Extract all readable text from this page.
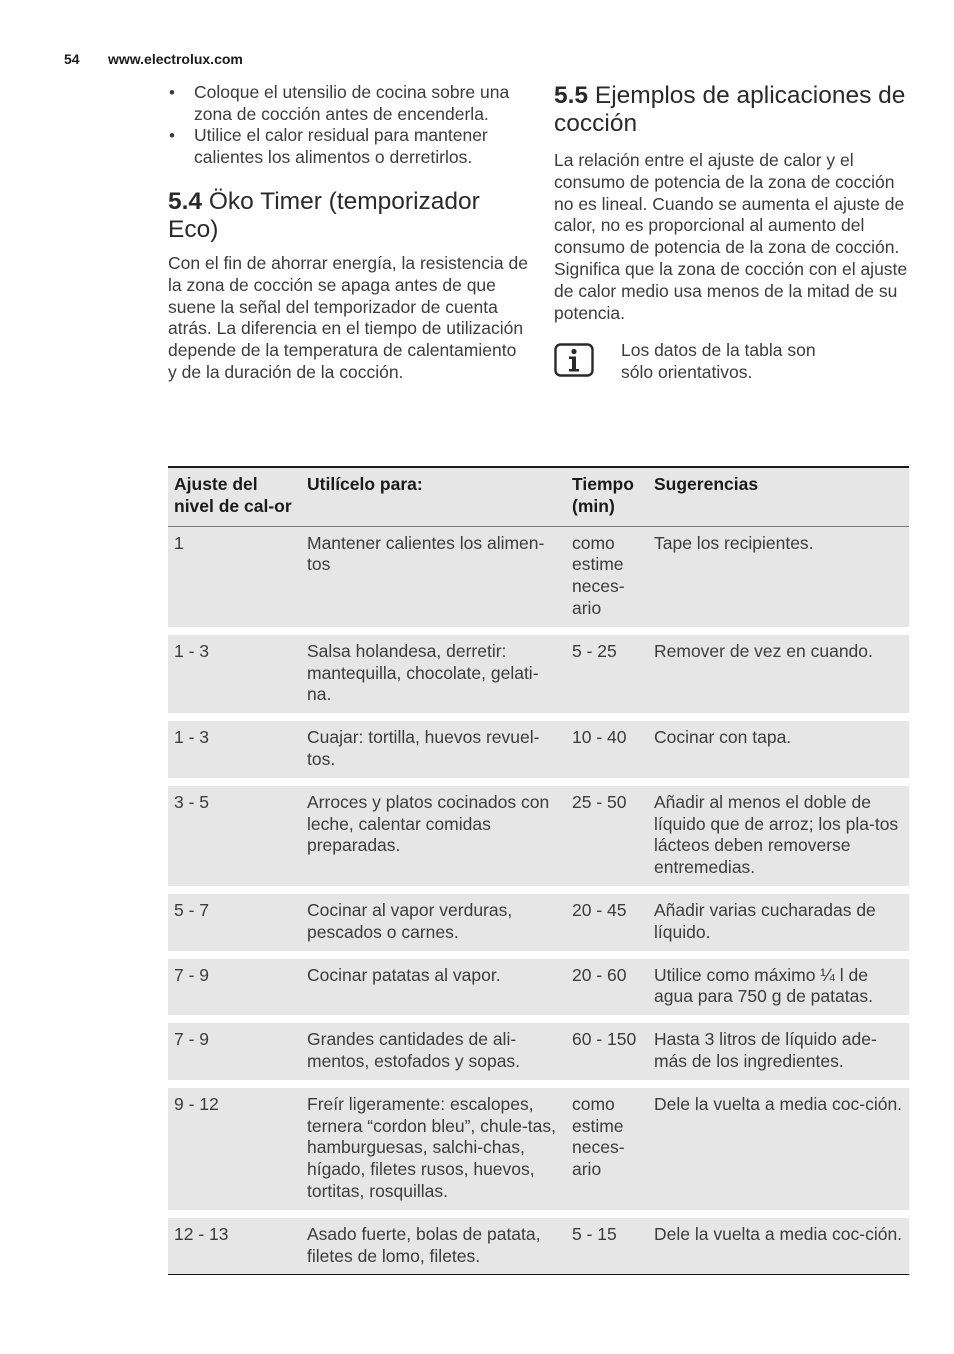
54 www.electrolux.com
• Coloque el utensilio de cocina sobre una zona de cocción antes de encenderla.
• Utilice el calor residual para mantener calientes los alimentos o derretirlos.
5.4 Öko Timer (temporizador
Eco)

Con el fin de ahorrar energía, la resistencia de la zona de cocción se apaga antes de que suene la señal del temporizador de cuenta atrás. La diferencia en el tiempo de utilización depende de la temperatura de calentamiento y de la duración de la cocción.

5.5 Ejemplos de aplicaciones de
cocción

La relación entre el ajuste de calor y el consumo de potencia de la zona de cocción no es lineal. Cuando se aumenta el ajuste de calor, no es proporcional al aumento del consumo de potencia de la zona de cocción. Significa que la zona de cocción con el ajuste de calor medio usa menos de la mitad de su potencia.

Los datos de la tabla son sólo orientativos.
Ajuste del nivel de cal-or	Utilícelo para:	Tiempo (min)	Sugerencias
1	Mantener calientes los alimen-tos	como estime neces-ario	Tape los recipientes.
1 - 3	Salsa holandesa, derretir: mantequilla, chocolate, gelati-na.	5 - 25	Remover de vez en cuando.
1 - 3	Cuajar: tortilla, huevos revuel-tos.	10 - 40	Cocinar con tapa.
3 - 5	Arroces y platos cocinados con leche, calentar comidas preparadas.	25 - 50	Añadir al menos el doble de líquido que de arroz; los pla-tos lácteos deben removerse entremedias.
5 - 7	Cocinar al vapor verduras, pescados o carnes.	20 - 45	Añadir varias cucharadas de líquido.
7 - 9	Cocinar patatas al vapor.	20 - 60	Utilice como máximo ¼ l de agua para 750 g de patatas.
7 - 9	Grandes cantidades de ali-mentos, estofados y sopas.	60 - 150	Hasta 3 litros de líquido ade-más de los ingredientes.
9 - 12	Freír ligeramente: escalopes, ternera “cordon bleu”, chule-tas, hamburguesas, salchi-chas, hígado, filetes rusos, huevos, tortitas, rosquillas.	como estime neces-ario	Dele la vuelta a media coc-ción.
12 - 13	Asado fuerte, bolas de patata, filetes de lomo, filetes.	5 - 15	Dele la vuelta a media coc-ción.
